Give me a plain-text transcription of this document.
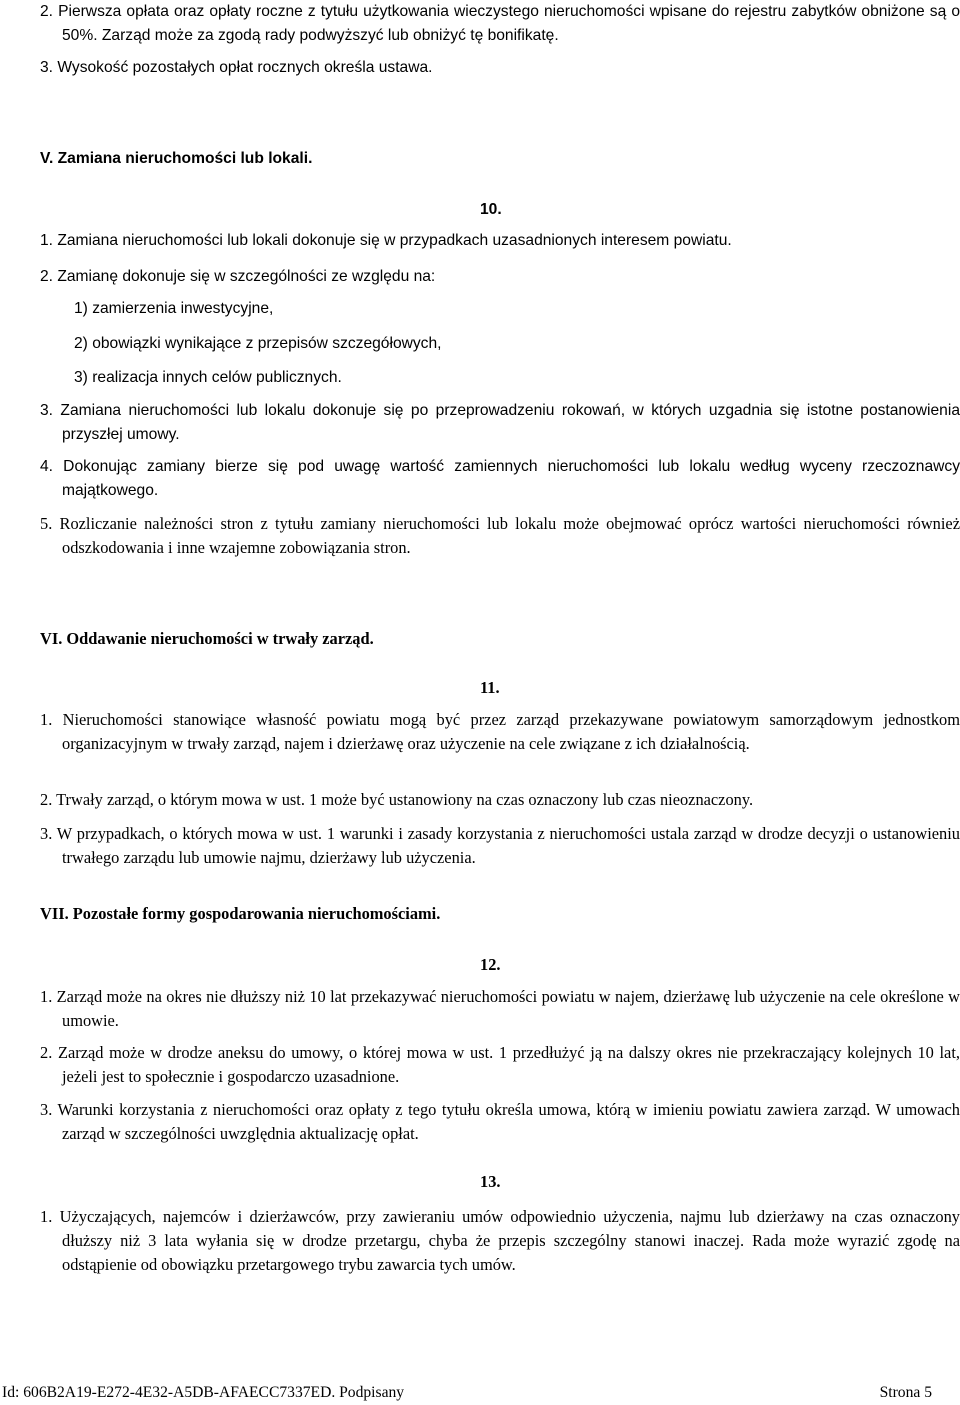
2. Pierwsza opłata oraz opłaty roczne z tytułu użytkowania wieczystego nieruchomości wpisane do rejestru zabytków obniżone są o 50%. Zarząd może za zgodą rady podwyższyć lub obniżyć tę bonifikatę.
3. Wysokość pozostałych opłat rocznych określa ustawa.
V. Zamiana nieruchomości lub lokali.
10.
1. Zamiana nieruchomości lub lokali dokonuje się w przypadkach uzasadnionych interesem powiatu.
2. Zamianę dokonuje się w szczególności ze względu na:
1) zamierzenia inwestycyjne,
2) obowiązki wynikające z przepisów szczegółowych,
3) realizacja innych celów publicznych.
3. Zamiana nieruchomości lub lokalu dokonuje się po przeprowadzeniu rokowań, w których uzgadnia się istotne postanowienia przyszłej umowy.
4. Dokonując zamiany bierze się pod uwagę wartość zamiennych nieruchomości lub lokalu według wyceny rzeczoznawcy majątkowego.
5. Rozliczanie należności stron z tytułu zamiany nieruchomości lub lokalu może obejmować oprócz wartości nieruchomości również odszkodowania i inne wzajemne zobowiązania stron.
VI. Oddawanie nieruchomości w trwały zarząd.
11.
1. Nieruchomości stanowiące własność powiatu mogą być przez zarząd przekazywane powiatowym samorządowym jednostkom organizacyjnym w trwały zarząd, najem i dzierżawę oraz użyczenie na cele związane z ich działalnością.
2. Trwały zarząd, o którym mowa w ust. 1 może być ustanowiony na czas oznaczony lub czas nieoznaczony.
3. W przypadkach, o których mowa w ust. 1 warunki i zasady korzystania z nieruchomości ustala zarząd w drodze decyzji o ustanowieniu trwałego zarządu lub umowie najmu, dzierżawy lub użyczenia.
VII. Pozostałe formy gospodarowania nieruchomościami.
12.
1. Zarząd może na okres nie dłuższy niż 10 lat przekazywać nieruchomości powiatu w najem, dzierżawę lub użyczenie na cele określone w umowie.
2. Zarząd może w drodze aneksu do umowy, o której mowa w ust. 1 przedłużyć ją na dalszy okres nie przekraczający kolejnych 10 lat, jeżeli jest to społecznie i gospodarczo uzasadnione.
3. Warunki korzystania z nieruchomości oraz opłaty z tego tytułu określa umowa, którą w imieniu powiatu zawiera zarząd. W umowach zarząd w szczególności uwzględnia aktualizację opłat.
13.
1. Użyczających, najemców i dzierżawców, przy zawieraniu umów odpowiednio użyczenia, najmu lub dzierżawy na czas oznaczony dłuższy niż 3 lata wyłania się w drodze przetargu, chyba że przepis szczególny stanowi inaczej. Rada może wyrazić zgodę na odstąpienie od obowiązku przetargowego trybu zawarcia tych umów.
Id: 606B2A19-E272-4E32-A5DB-AFAECC7337ED. Podpisany	Strona 5
